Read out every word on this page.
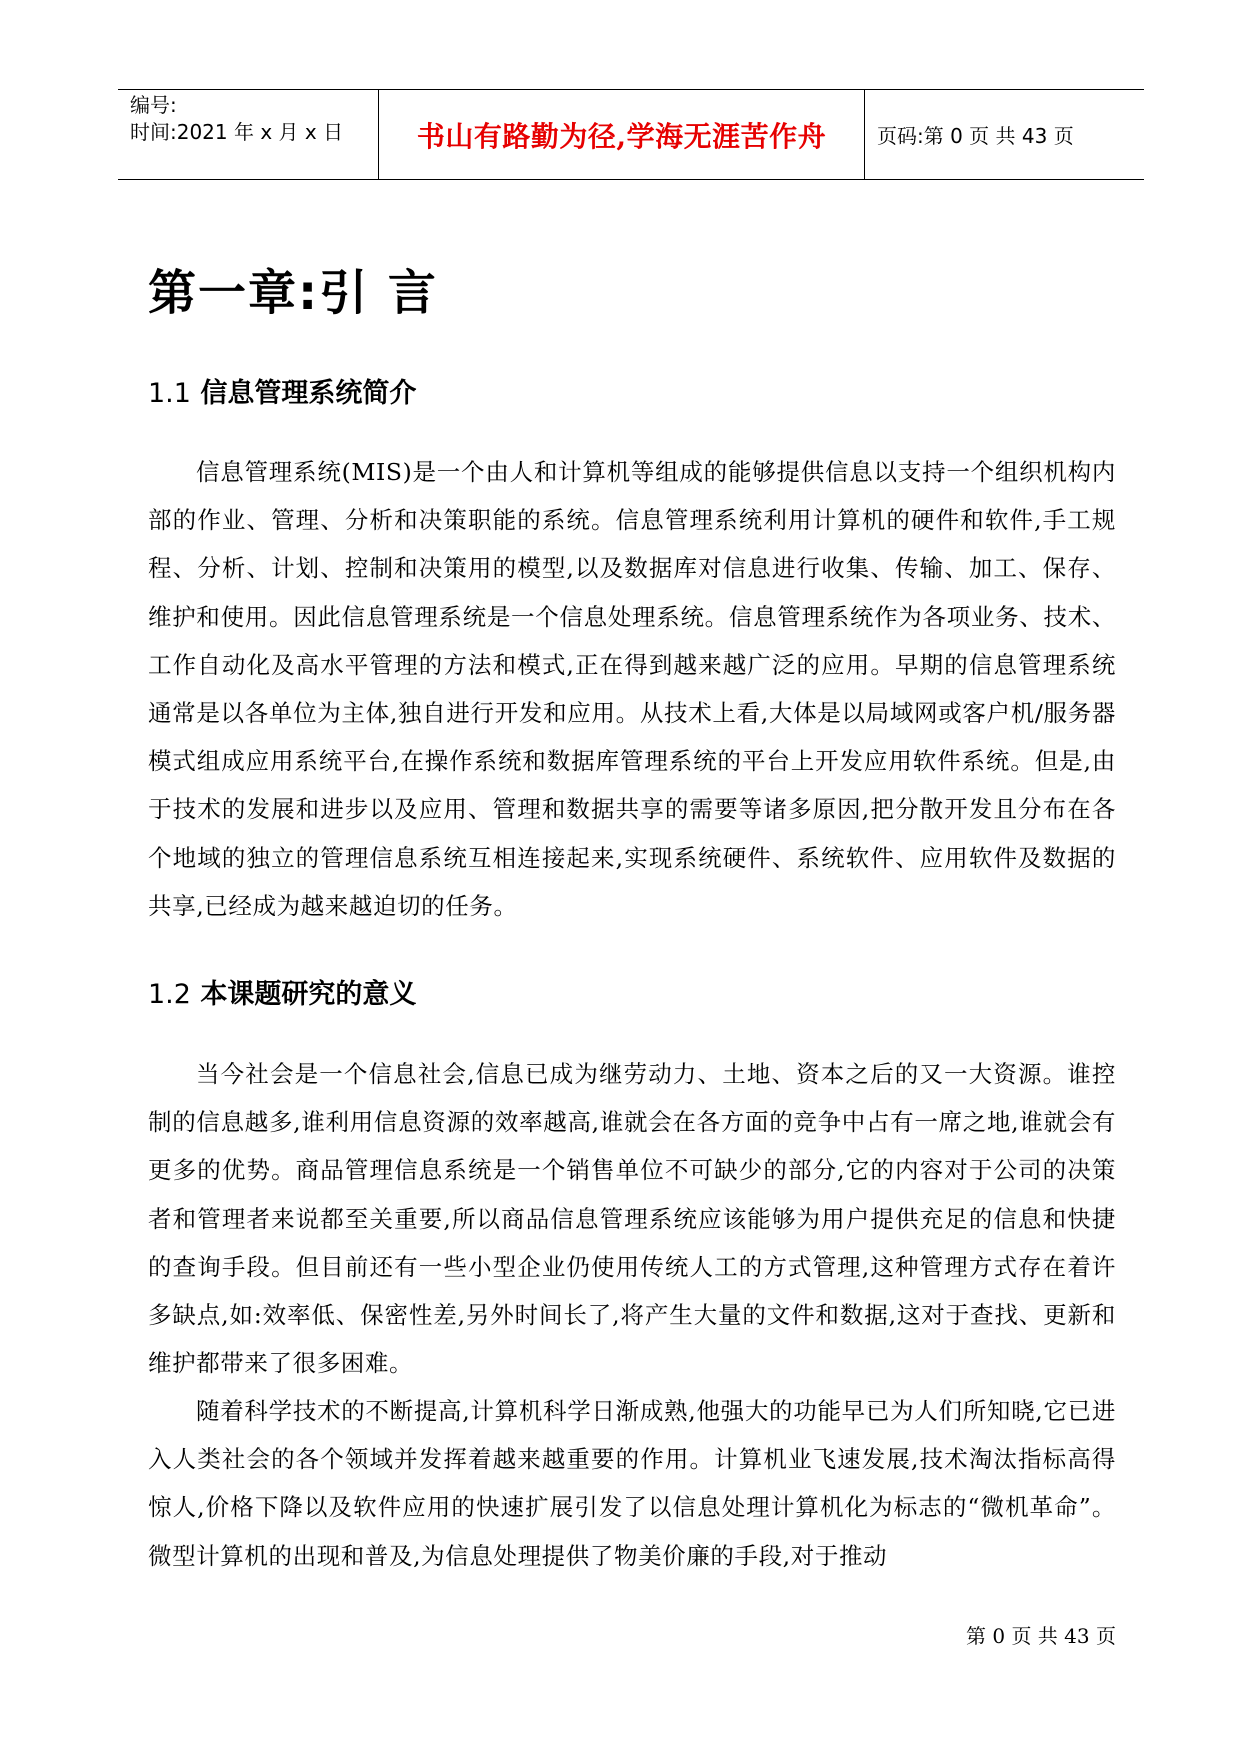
编号:
时间:2021 年 x 月 x 日	书山有路勤为径,学海无涯苦作舟	页码:第 0 页 共 43 页
第一章:引 言
1.1 信息管理系统简介

信息管理系统(MIS)是一个由人和计算机等组成的能够提供信息以支持一个组织机构内部的作业、管理、分析和决策职能的系统。信息管理系统利用计算机的硬件和软件,手工规程、分析、计划、控制和决策用的模型,以及数据库对信息进行收集、传输、加工、保存、维护和使用。因此信息管理系统是一个信息处理系统。信息管理系统作为各项业务、技术、工作自动化及高水平管理的方法和模式,正在得到越来越广泛的应用。早期的信息管理系统通常是以各单位为主体,独自进行开发和应用。从技术上看,大体是以局域网或客户机/服务器模式组成应用系统平台,在操作系统和数据库管理系统的平台上开发应用软件系统。但是,由于技术的发展和进步以及应用、管理和数据共享的需要等诸多原因,把分散开发且分布在各个地域的独立的管理信息系统互相连接起来,实现系统硬件、系统软件、应用软件及数据的共享,已经成为越来越迫切的任务。

1.2 本课题研究的意义

当今社会是一个信息社会,信息已成为继劳动力、土地、资本之后的又一大资源。谁控制的信息越多,谁利用信息资源的效率越高,谁就会在各方面的竞争中占有一席之地,谁就会有更多的优势。商品管理信息系统是一个销售单位不可缺少的部分,它的内容对于公司的决策者和管理者来说都至关重要,所以商品信息管理系统应该能够为用户提供充足的信息和快捷的查询手段。但目前还有一些小型企业仍使用传统人工的方式管理,这种管理方式存在着许多缺点,如:效率低、保密性差,另外时间长了,将产生大量的文件和数据,这对于查找、更新和维护都带来了很多困难。

随着科学技术的不断提高,计算机科学日渐成熟,他强大的功能早已为人们所知晓,它已进入人类社会的各个领域并发挥着越来越重要的作用。计算机业飞速发展,技术淘汰指标高得惊人,价格下降以及软件应用的快速扩展引发了以信息处理计算机化为标志的“微机革命”。 微型计算机的出现和普及,为信息处理提供了物美价廉的手段,对于推动

第 0 页 共 43 页
